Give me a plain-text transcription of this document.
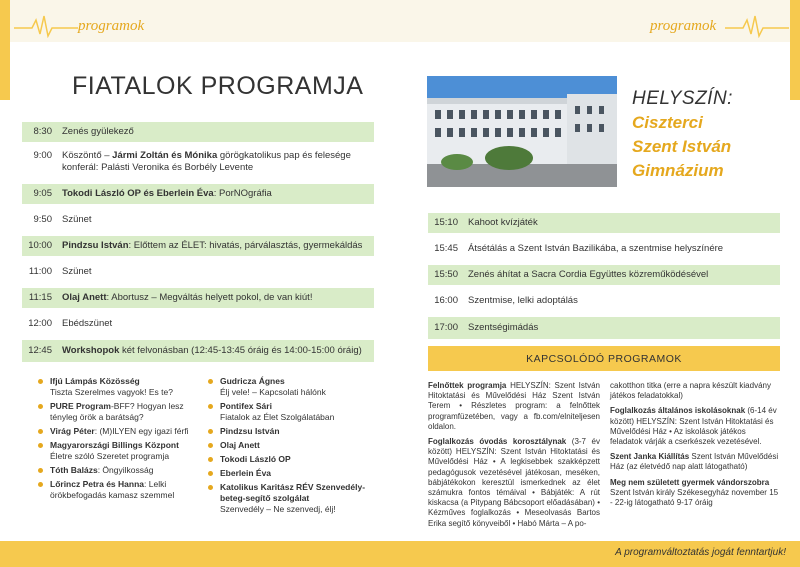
programok	programok
FIATALOK PROGRAMJA
8:30 Zenés gyülekező
9:00 Köszöntő – Jármi Zoltán és Mónika görögkatolikus pap és felesége
konferál: Palásti Veronika és Borbély Levente
9:05 Tokodi László OP és Eberlein Éva: PorNOgráfia
9:50 Szünet
10:00 Pindzsu István: Előttem az ÉLET: hivatás, párválasztás, gyermekáldás
11:00 Szünet
11:15 Olaj Anett: Abortusz – Megváltás helyett pokol, de van kiút!
12:00 Ebédszünet
12:45 Workshopok két felvonásban (12:45-13:45 óráig és 14:00-15:00 óráig)
Ifjú Lámpás Közösség
Tiszta Szerelmes vagyok! Es te?
PURE Program-BFF? Hogyan lesz tényleg örök a barátság?
Virág Péter: (M)ILYEN egy igazi férfi
Magyarországi Billings Központ
Életre szóló Szeretet programja
Tóth Balázs: Öngyilkosság
Lőrincz Petra és Hanna: Lelki örökbefogadás kamasz szemmel
Gudricza Ágnes
Élj vele! – Kapcsolati hálónk
Pontifex Sári
Fiatalok az Élet Szolgálatában
Pindzsu István
Olaj Anett
Tokodi László OP
Eberlein Éva
Katolikus Karitász RÉV Szenvedély-beteg-segítő szolgálat
Szenvedély – Ne szenvedj, élj!
HELYSZÍN:
Ciszterci
Szent István
Gimnázium
15:10 Kahoot kvízjáték
15:45 Átsétálás a Szent István Bazilikába, a szentmise helyszínére
15:50 Zenés áhítat a Sacra Cordia Együttes közreműködésével
16:00 Szentmise, lelki adoptálás
17:00 Szentségimádás
KAPCSOLÓDÓ PROGRAMOK
Felnőttek programja HELYSZÍN: Szent István Hitoktatási és Művelődési Ház Szent István Terem • Részletes program: a felnőttek programfüzetében, vagy a fb.com/elniteljesen oldalon.
Foglalkozás óvodás korosztálynak (3-7 év között) HELYSZÍN: Szent István Hitoktatási és Művelődési Ház • A legkisebbek szakképzett pedagógusok vezetésével játékosan, meséken, bábjátékokon keresztül ismerkednek az élet számukra fontos témáival • Bábjáték: A rút kiskacsa (a Pitypang Bábcsoport előadásában) • Kézműves foglalkozás • Meseolvasás Bartos Erika segítő könyveiből • Habó Márta – A po-
cakotthon titka (erre a napra készült kiadvány játékos feladatokkal)
Foglalkozás általános iskolásoknak (6-14 év között) HELYSZÍN: Szent István Hitoktatási és Művelődési Ház • Az iskolások játékos feladatok várják a cserkészek vezetésével.
Szent Janka Kiállítás Szent István Művelődési Ház (az életvédő nap alatt látogatható)
Meg nem született gyermek vándorszobra Szent István király Székesegyház november 15 - 22-ig látogatható 9-17 óráig
A programváltoztatás jogát fenntartjuk!
